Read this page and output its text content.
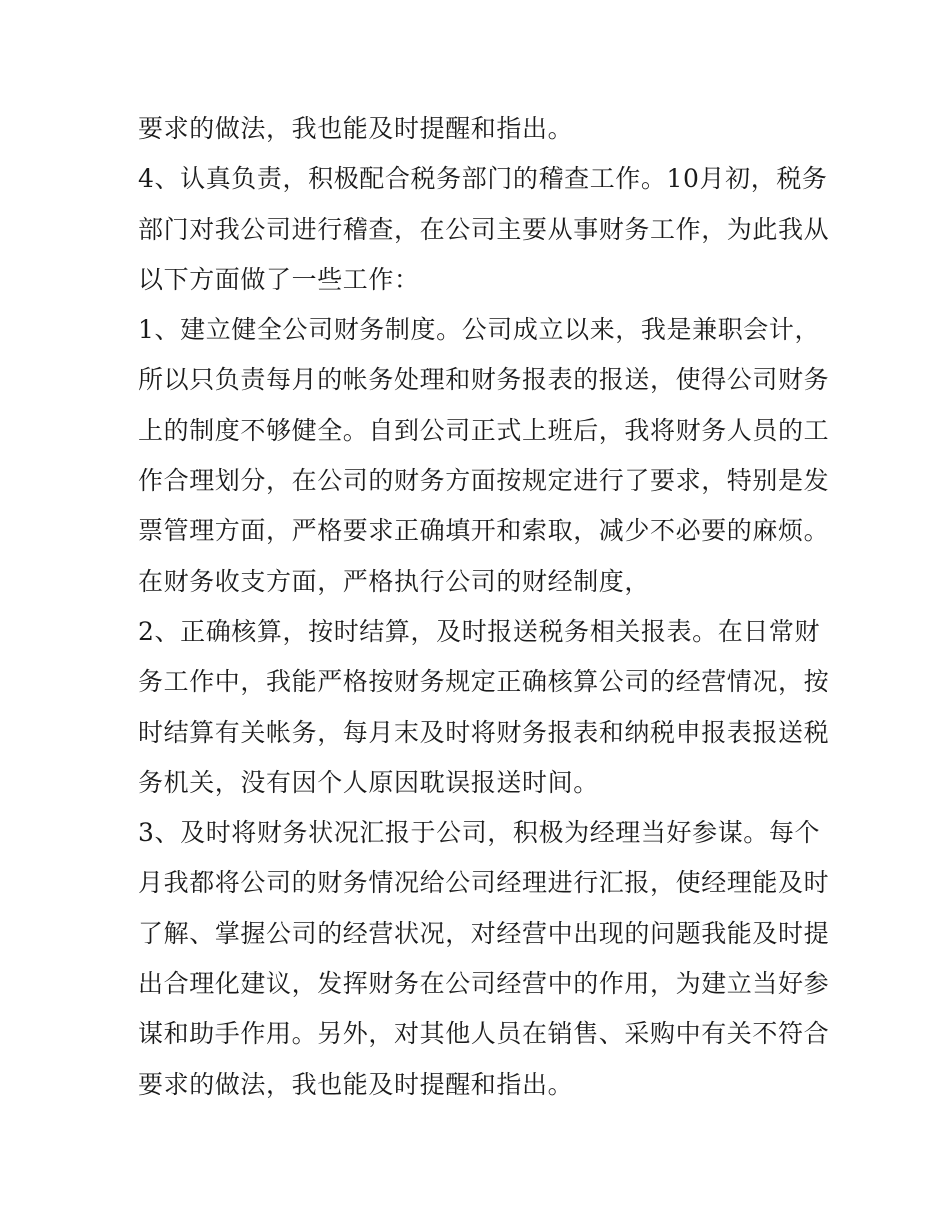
要求的做法，我也能及时提醒和指出。
4、认真负责，积极配合税务部门的稽查工作。10月初，税务
部门对我公司进行稽查，在公司主要从事财务工作，为此我从
以下方面做了一些工作：
1、建立健全公司财务制度。公司成立以来，我是兼职会计，
所以只负责每月的帐务处理和财务报表的报送，使得公司财务
上的制度不够健全。自到公司正式上班后，我将财务人员的工
作合理划分，在公司的财务方面按规定进行了要求，特别是发
票管理方面，严格要求正确填开和索取，减少不必要的麻烦。
在财务收支方面，严格执行公司的财经制度，
2、正确核算，按时结算，及时报送税务相关报表。在日常财
务工作中，我能严格按财务规定正确核算公司的经营情况，按
时结算有关帐务，每月末及时将财务报表和纳税申报表报送税
务机关，没有因个人原因耽误报送时间。
3、及时将财务状况汇报于公司，积极为经理当好参谋。每个
月我都将公司的财务情况给公司经理进行汇报，使经理能及时
了解、掌握公司的经营状况，对经营中出现的问题我能及时提
出合理化建议，发挥财务在公司经营中的作用，为建立当好参
谋和助手作用。另外，对其他人员在销售、采购中有关不符合
要求的做法，我也能及时提醒和指出。
